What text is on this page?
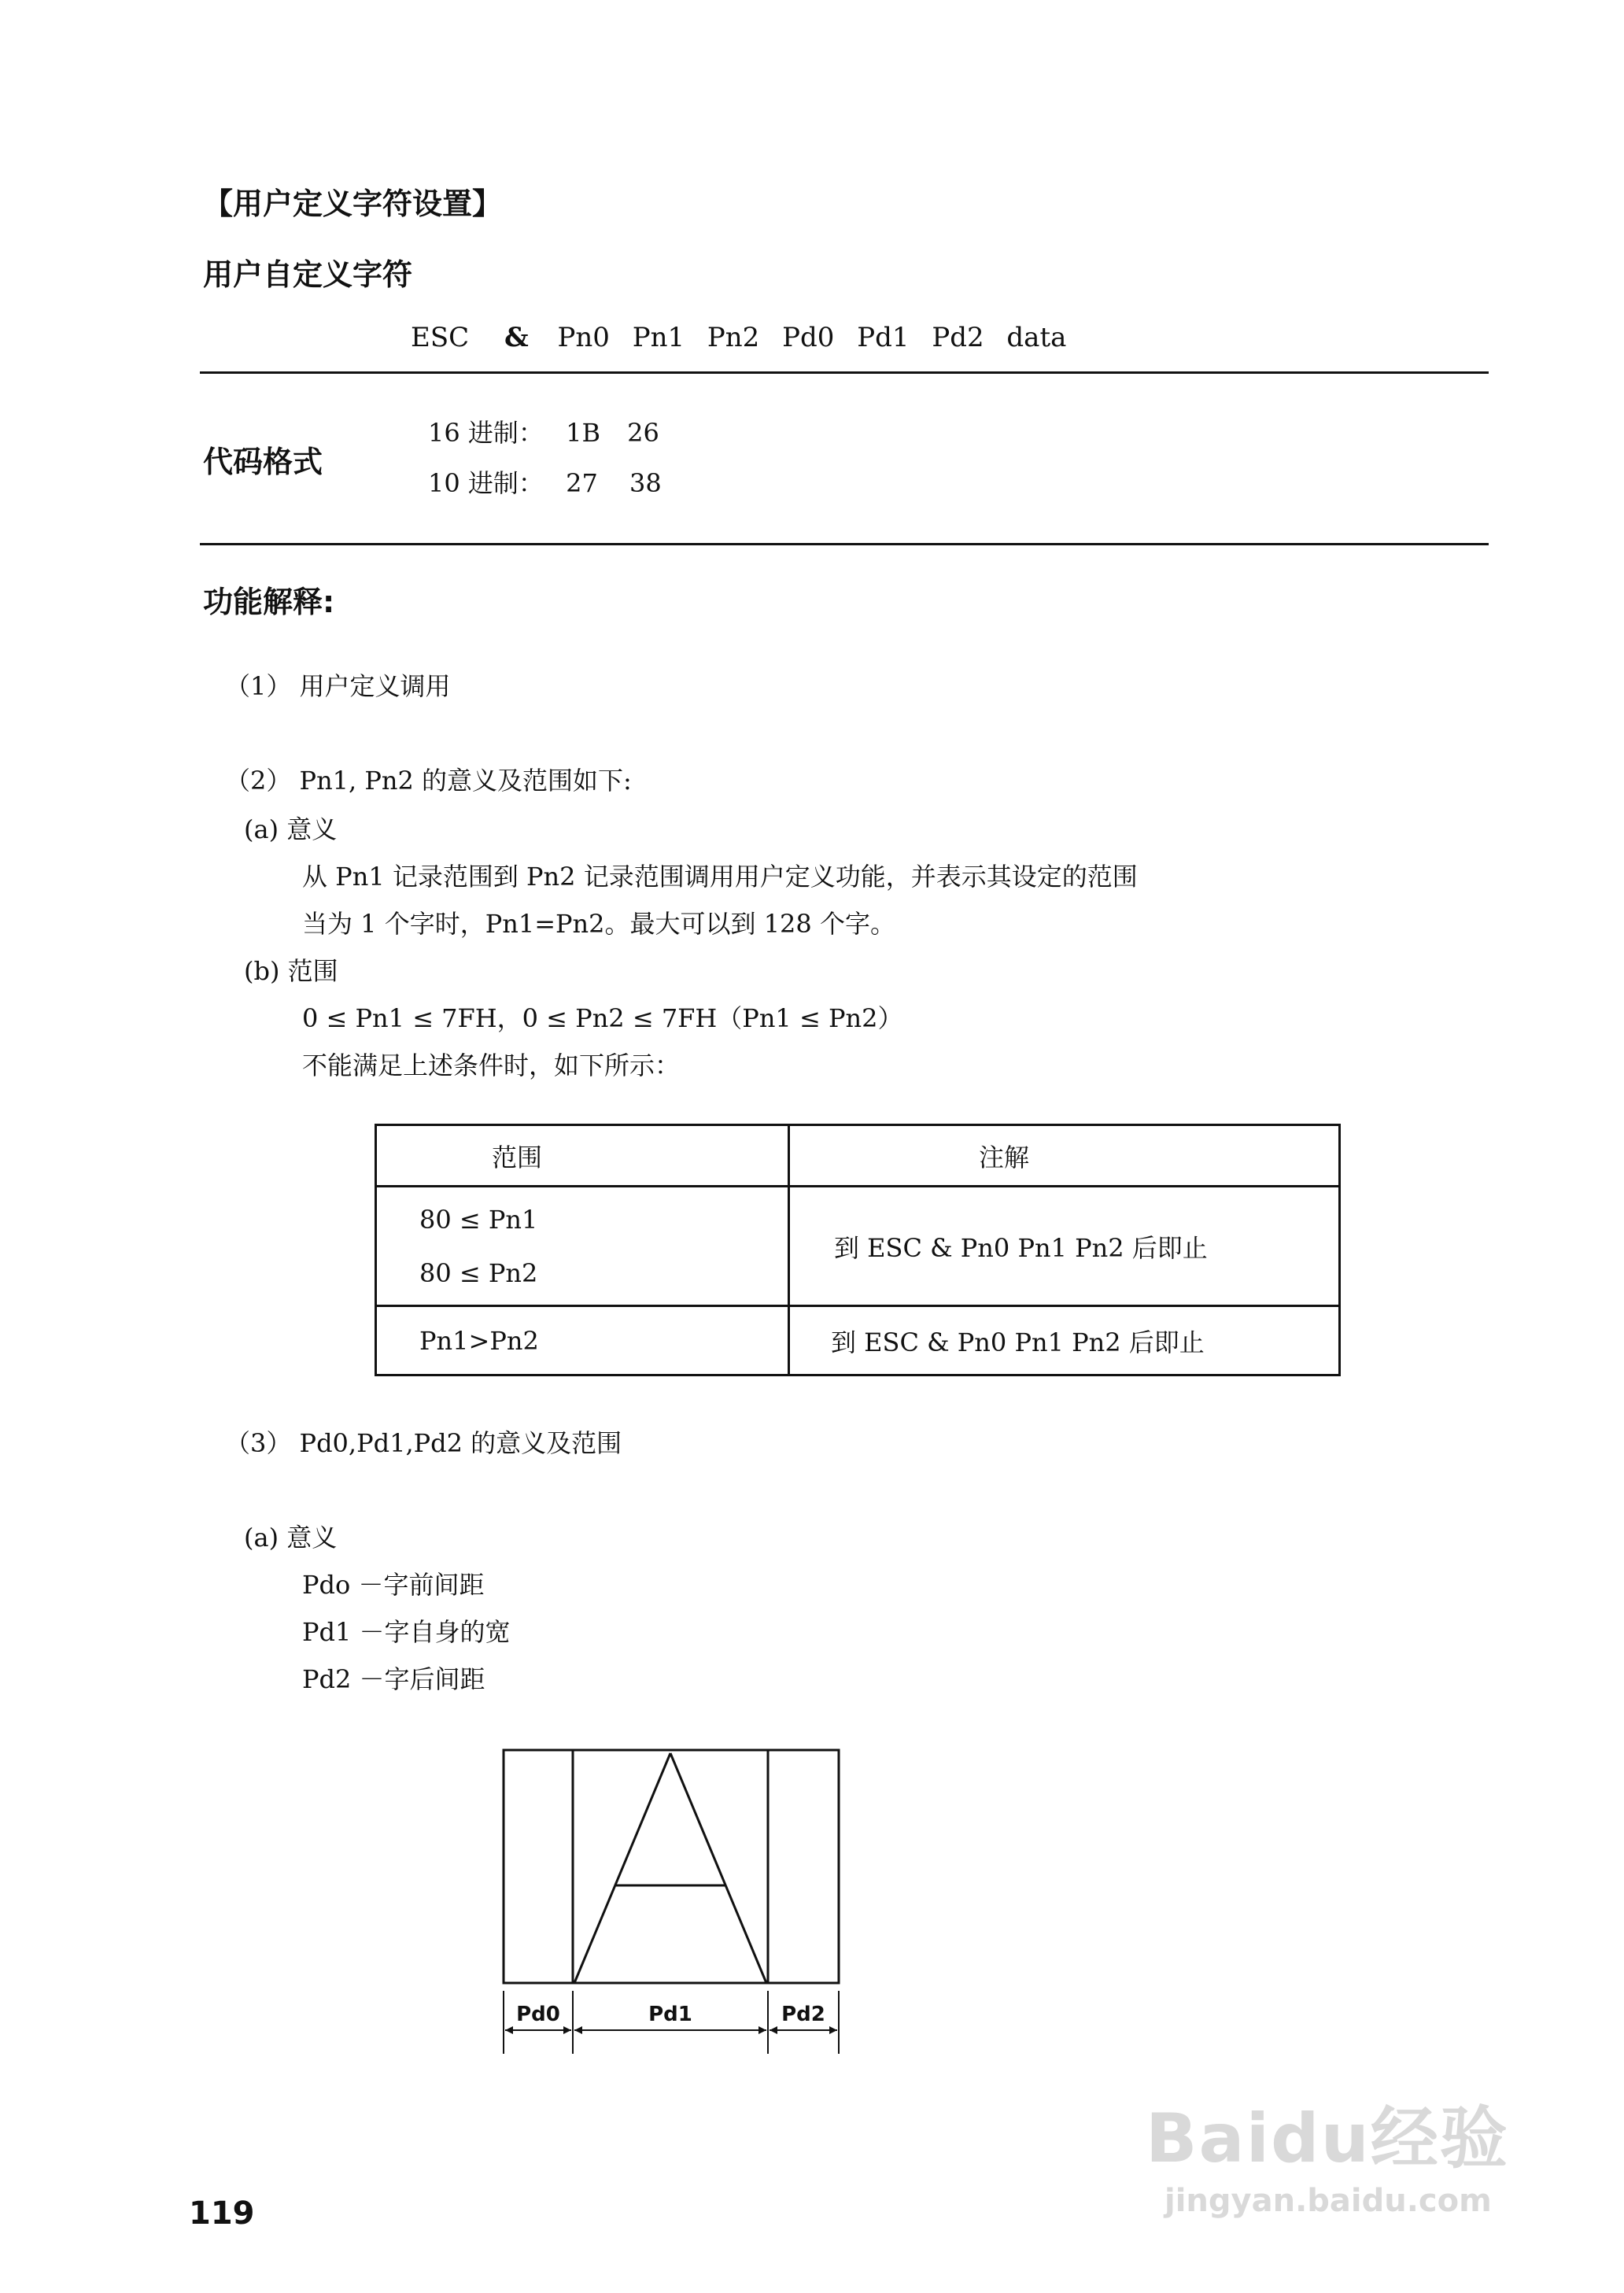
【用户定义字符设置】
用户自定义字符
ESC & Pn0 Pn1 Pn2 Pd0 Pd1 Pd2 data
代码格式
16 进制： 1B 26
10 进制： 27 38
功能解释:
（1） 用户定义调用
（2） Pn1, Pn2 的意义及范围如下:
(a) 意义
从 Pn1 记录范围到 Pn2 记录范围调用用户定义功能，并表示其设定的范围
当为 1 个字时，Pn1=Pn2。最大可以到 128 个字。
(b) 范围
0 ≤ Pn1 ≤ 7FH，0 ≤ Pn2 ≤ 7FH（Pn1 ≤ Pn2）
不能满足上述条件时，如下所示：
范围	注解

80 ≤ Pn1
80 ≤ Pn2	到 ESC & Pn0 Pn1 Pn2 后即止
Pn1>Pn2	到 ESC & Pn0 Pn1 Pn2 后即止
（3） Pd0,Pd1,Pd2 的意义及范围
(a) 意义
Pdo －字前间距
Pd1 －字自身的宽
Pd2 －字后间距
Pd0	Pd1	Pd2
119
Baidu经验
jingyan.baidu.com
